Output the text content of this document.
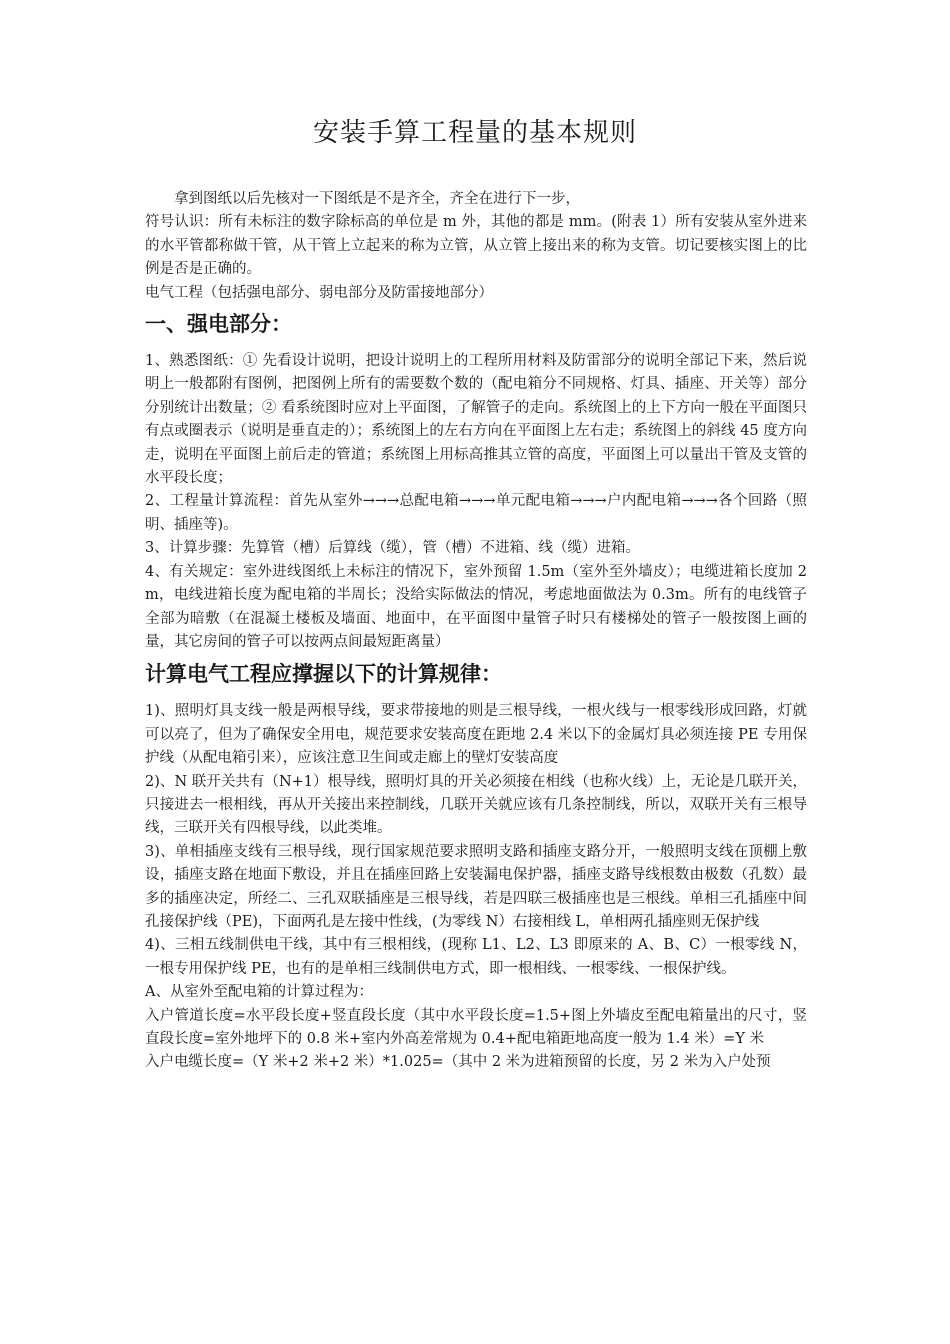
安装手算工程量的基本规则

拿到图纸以后先核对一下图纸是不是齐全，齐全在进行下一步，

符号认识：所有未标注的数字除标高的单位是 m 外，其他的都是 mm。(附表 1）所有安装从室外进来的水平管都称做干管，从干管上立起来的称为立管，从立管上接出来的称为支管。切记要核实图上的比例是否是正确的。

电气工程（包括强电部分、弱电部分及防雷接地部分）

一、强电部分：

1、熟悉图纸：① 先看设计说明，把设计说明上的工程所用材料及防雷部分的说明全部记下来，然后说明上一般都附有图例，把图例上所有的需要数个数的（配电箱分不同规格、灯具、插座、开关等）部分分别统计出数量；② 看系统图时应对上平面图，了解管子的走向。系统图上的上下方向一般在平面图只有点或圈表示（说明是垂直走的）；系统图上的左右方向在平面图上左右走；系统图上的斜线 45 度方向走，说明在平面图上前后走的管道；系统图上用标高推其立管的高度，平面图上可以量出干管及支管的水平段长度；

2、工程量计算流程：首先从室外→→→总配电箱→→→单元配电箱→→→户内配电箱→→→各个回路（照明、插座等)。

3、计算步骤：先算管（槽）后算线（缆），管（槽）不进箱、线（缆）进箱。

4、有关规定：室外进线图纸上未标注的情况下，室外预留 1.5m（室外至外墙皮）；电缆进箱长度加 2m，电线进箱长度为配电箱的半周长；没给实际做法的情况，考虑地面做法为 0.3m。所有的电线管子全部为暗敷（在混凝土楼板及墙面、地面中，在平面图中量管子时只有楼梯处的管子一般按图上画的量，其它房间的管子可以按两点间最短距离量）

计算电气工程应撑握以下的计算规律：

1)、照明灯具支线一般是两根导线，要求带接地的则是三根导线，一根火线与一根零线形成回路，灯就可以亮了，但为了确保安全用电，规范要求安装高度在距地 2.4 米以下的金属灯具必须连接 PE 专用保护线（从配电箱引来），应该注意卫生间或走廊上的壁灯安装高度

2)、N 联开关共有（N+1）根导线，照明灯具的开关必须接在相线（也称火线）上，无论是几联开关，只接进去一根相线，再从开关接出来控制线，几联开关就应该有几条控制线，所以，双联开关有三根导线，三联开关有四根导线，以此类堆。

3)、单相插座支线有三根导线，现行国家规范要求照明支路和插座支路分开，一般照明支线在顶棚上敷设，插座支路在地面下敷设，并且在插座回路上安装漏电保护器，插座支路导线根数由极数（孔数）最多的插座决定，所经二、三孔双联插座是三根导线，若是四联三极插座也是三根线。单相三孔插座中间孔接保护线（PE)，下面两孔是左接中性线，(为零线 N）右接相线 L，单相两孔插座则无保护线

4)、三相五线制供电干线，其中有三根相线，(现称 L1、L2、L3 即原来的 A、B、C）一根零线 N，一根专用保护线 PE，也有的是单相三线制供电方式，即一根相线、一根零线、一根保护线。

A、从室外至配电箱的计算过程为：

入户管道长度=水平段长度+竖直段长度（其中水平段长度=1.5+图上外墙皮至配电箱量出的尺寸，竖直段长度=室外地坪下的 0.8 米+室内外高差常规为 0.4+配电箱距地高度一般为 1.4 米）=Y 米

入户电缆长度=（Y 米+2 米+2 米）*1.025=（其中 2 米为进箱预留的长度，另 2 米为入户处预
